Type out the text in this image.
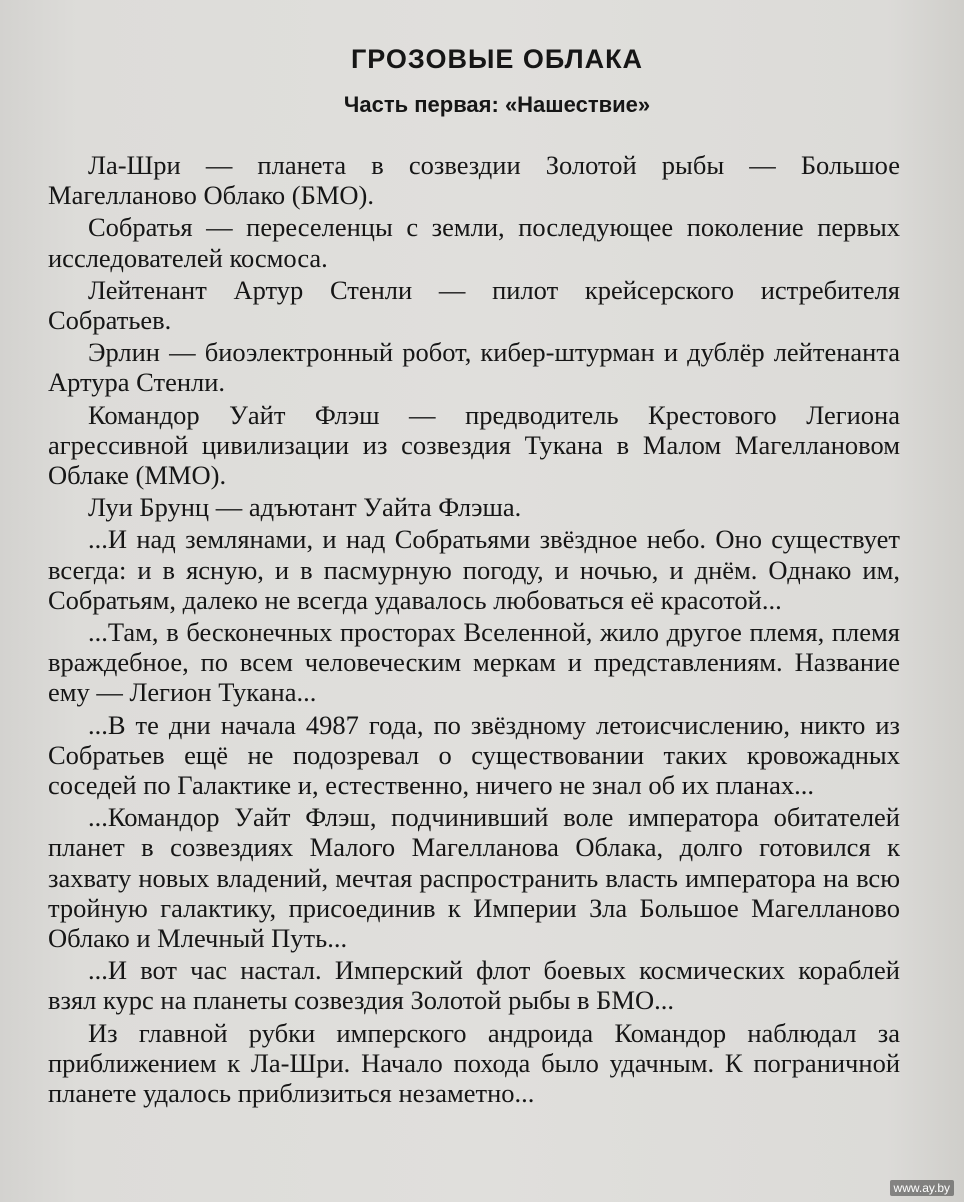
ГРОЗОВЫЕ ОБЛАКА
Часть первая: «Нашествие»

Ла-Шри — планета в созвездии Золотой рыбы — Большое Магелланово Облако (БМО).

Собратья — переселенцы с земли, последующее поколение первых исследователей космоса.

Лейтенант Артур Стенли — пилот крейсерского истребителя Собратьев.

Эрлин — биоэлектронный робот, кибер-штурман и дублёр лейтенанта Артура Стенли.

Командор Уайт Флэш — предводитель Крестового Легиона агрессивной цивилизации из созвездия Тукана в Малом Магеллановом Облаке (ММО).

Луи Брунц — адъютант Уайта Флэша.

...И над землянами, и над Собратьями звёздное небо. Оно существует всегда: и в ясную, и в пасмурную погоду, и ночью, и днём. Однако им, Собратьям, далеко не всегда удавалось любоваться её красотой...

...Там, в бесконечных просторах Вселенной, жило другое племя, племя враждебное, по всем человеческим меркам и представлениям. Название ему — Легион Тукана...

...В те дни начала 4987 года, по звёздному летоисчислению, никто из Собратьев ещё не подозревал о существовании таких кровожадных соседей по Галактике и, естественно, ничего не знал об их планах...

...Командор Уайт Флэш, подчинивший воле императора обитателей планет в созвездиях Малого Магелланова Облака, долго готовился к захвату новых владений, мечтая распространить власть императора на всю тройную галактику, присоединив к Империи Зла Большое Магелланово Облако и Млечный Путь...

...И вот час настал. Имперский флот боевых космических кораблей взял курс на планеты созвездия Золотой рыбы в БМО...

Из главной рубки имперского андроида Командор наблюдал за приближением к Ла-Шри. Начало похода было удачным. К пограничной планете удалось приблизиться незаметно...

www.ay.by
